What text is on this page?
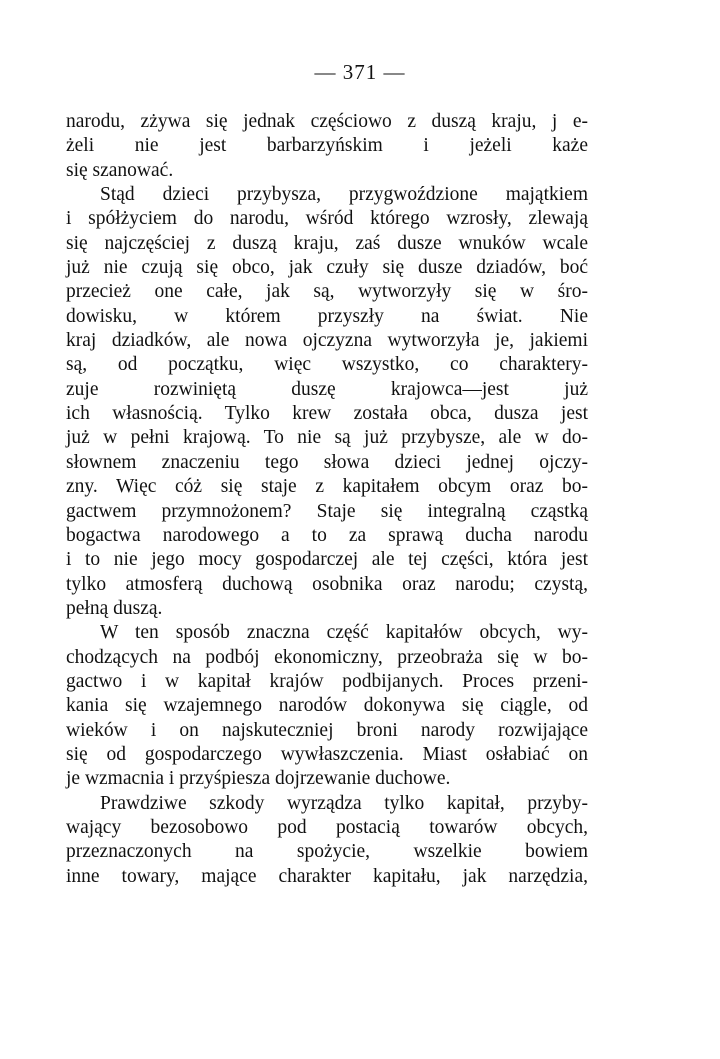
— 371 —
narodu, zżywa się jednak częściowo z duszą kraju, j e-
żeli nie jest barbarzyńskim i jeżeli każe
się szanować.
Stąd dzieci przybysza, przygwoździone majątkiem
i spółżyciem do narodu, wśród którego wzrosły, zlewają
się najczęściej z duszą kraju, zaś dusze wnuków wcale
już nie czują się obco, jak czuły się dusze dziadów, boć
przecież one całe, jak są, wytworzyły się w śro-
dowisku, w którem przyszły na świat. Nie
kraj dziadków, ale nowa ojczyzna wytworzyła je, jakiemi
są, od początku, więc wszystko, co charaktery-
zuje rozwiniętą duszę krajowca—jest już
ich własnością. Tylko krew została obca, dusza jest
już w pełni krajową. To nie są już przybysze, ale w do-
słownem znaczeniu tego słowa dzieci jednej ojczy-
zny. Więc cóż się staje z kapitałem obcym oraz bo-
gactwem przymnożonem? Staje się integralną cząstką
bogactwa narodowego a to za sprawą ducha narodu
i to nie jego mocy gospodarczej ale tej części, która jest
tylko atmosferą duchową osobnika oraz narodu; czystą,
pełną duszą.
W ten sposób znaczna część kapitałów obcych, wy-
chodzących na podbój ekonomiczny, przeobraża się w bo-
gactwo i w kapitał krajów podbijanych. Proces przeni-
kania się wzajemnego narodów dokonywa się ciągle, od
wieków i on najskuteczniej broni narody rozwijające
się od gospodarczego wywłaszczenia. Miast osłabiać on
je wzmacnia i przyśpiesza dojrzewanie duchowe.
Prawdziwe szkody wyrządza tylko kapitał, przyby-
wający bezosobowo pod postacią towarów obcych,
przeznaczonych na spożycie, wszelkie bowiem
inne towary, mające charakter kapitału, jak narzędzia,
